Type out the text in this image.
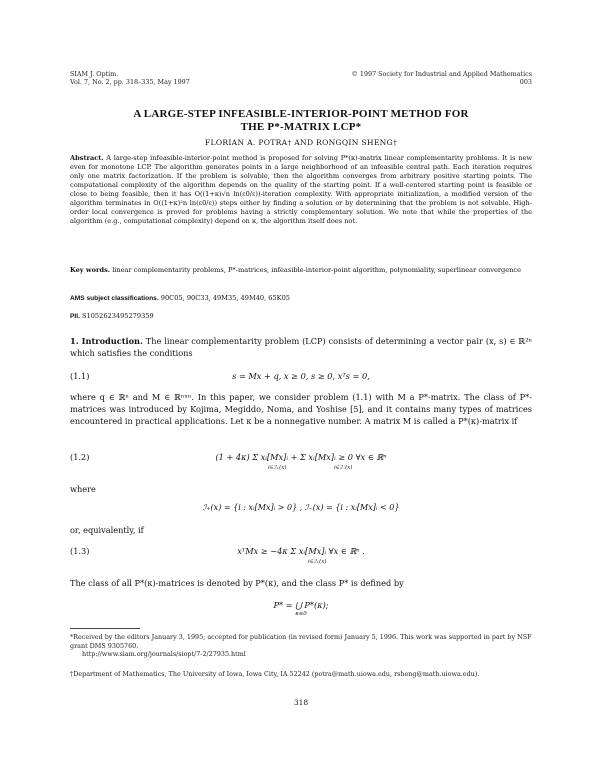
SIAM J. Optim.
Vol. 7, No. 2, pp. 318–335, May 1997
© 1997 Society for Industrial and Applied Mathematics
003
A LARGE-STEP INFEASIBLE-INTERIOR-POINT METHOD FOR
THE P*-MATRIX LCP*
FLORIAN A. POTRA† AND RONGQIN SHENG†
Abstract. A large-step infeasible-interior-point method is proposed for solving P*(κ)-matrix linear complementarity problems. It is new even for monotone LCP. The algorithm generates points in a large neighborhood of an infeasible central path. Each iteration requires only one matrix factorization. If the problem is solvable, then the algorithm converges from arbitrary positive starting points. The computational complexity of the algorithm depends on the quality of the starting point. If a well-centered starting point is feasible or close to being feasible, then it has O((1+κ)√n ln(ε0/ε))-iteration complexity. With appropriate initialization, a modified version of the algorithm terminates in O((1+κ)²n ln(ε0/ε)) steps either by finding a solution or by determining that the problem is not solvable. High-order local convergence is proved for problems having a strictly complementary solution. We note that while the properties of the algorithm (e.g., computational complexity) depend on κ, the algorithm itself does not.
Key words. linear complementarity problems, P*-matrices, infeasible-interior-point algorithm, polynomiality, superlinear convergence
AMS subject classifications. 90C05, 90C33, 49M35, 49M40, 65K05
PII. S1052623495279359
1. Introduction. The linear complementarity problem (LCP) consists of determining a vector pair (x, s) ∈ ℝ²ⁿ which satisfies the conditions
(1.1)	s = Mx + q, x ≥ 0, s ≥ 0, xᵀs = 0,
where q ∈ ℝⁿ and M ∈ ℝⁿˣⁿ. In this paper, we consider problem (1.1) with M a P*-matrix. The class of P*-matrices was introduced by Kojima, Megiddo, Noma, and Yoshise [5], and it contains many types of matrices encountered in practical applications. Let κ be a nonnegative number. A matrix M is called a P*(κ)-matrix if
(1.2)	(1 + 4κ) Σ xᵢ[Mx]ᵢ + Σ xᵢ[Mx]ᵢ ≥ 0 ∀x ∈ ℝⁿ
i∈ℐ₊(x)	i∈ℐ₋(x)
where
ℐ₊(x) = {i : xᵢ[Mx]ᵢ > 0} , ℐ₋(x) = {i : xᵢ[Mx]ᵢ < 0}
or, equivalently, if
(1.3)	xᵀMx ≥ −4κ Σ xᵢ[Mx]ᵢ ∀x ∈ ℝⁿ .
i∈ℐ₊(x)
The class of all P*(κ)-matrices is denoted by P*(κ), and the class P* is defined by
P* = ⋃ P*(κ);
κ≥0
*Received by the editors January 3, 1995; accepted for publication (in revised form) January 5, 1996. This work was supported in part by NSF grant DMS 9305760.
http://www.siam.org/journals/siopt/7-2/27935.html
†Department of Mathematics, The University of Iowa, Iowa City, IA 52242 (potra@math.uiowa.edu, rsheng@math.uiowa.edu).
318
